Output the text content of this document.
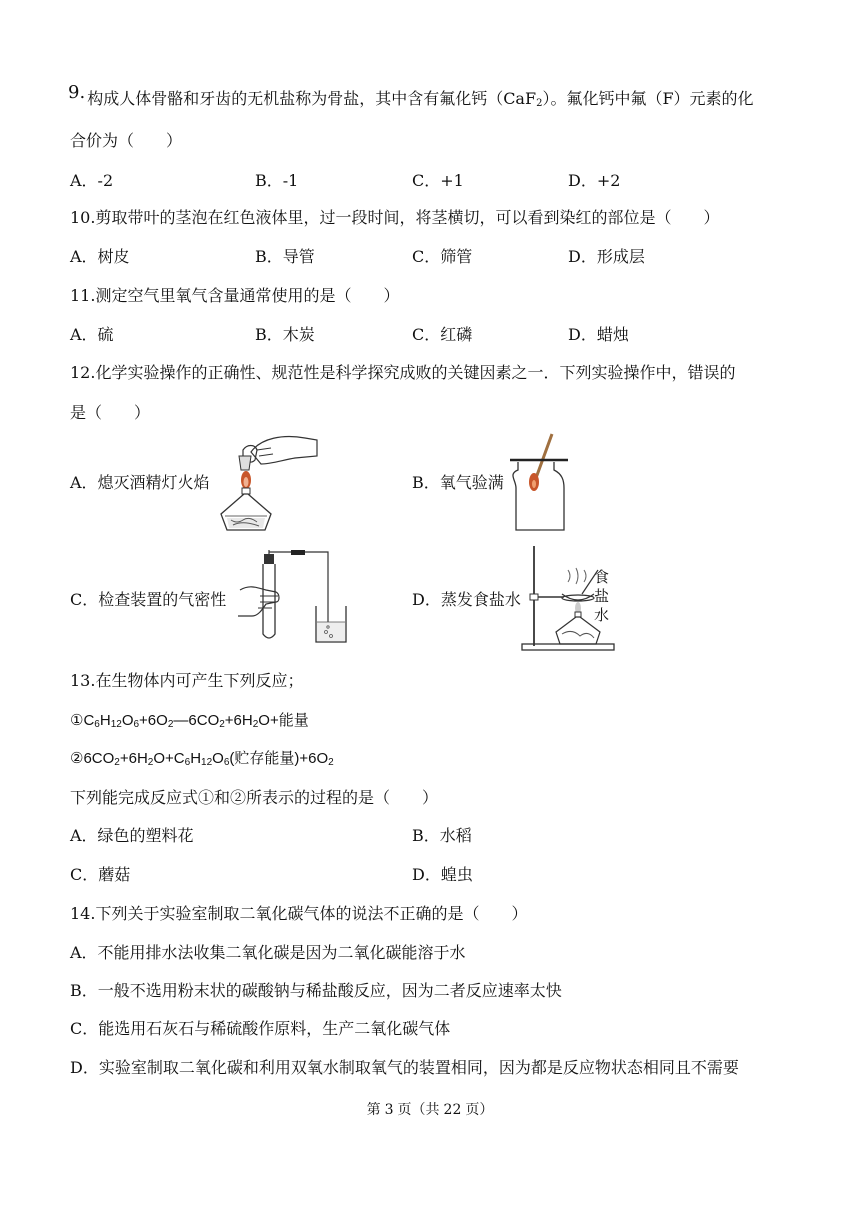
9. 构成人体骨骼和牙齿的无机盐称为骨盐，其中含有氟化钙（CaF$_2$）。氟化钙中氟（F）元素的化
合价为（　　）
A．-2	B．-1	C．+1	D．+2
10.剪取带叶的茎泡在红色液体里，过一段时间，将茎横切，可以看到染红的部位是（　　）
A．树皮	B．导管	C．筛管	D．形成层
11.测定空气里氧气含量通常使用的是（　　）
A．硫	B．木炭	C．红磷	D．蜡烛
12.化学实验操作的正确性、规范性是科学探究成败的关键因素之一．下列实验操作中，错误的
是（　　）
A．熄灭酒精灯火焰	B．氧气验满
C．检查装置的气密性	D．蒸发食盐水
食
盐
水
13.在生物体内可产生下列反应；
$①C_6H_{12}O_6+6O_2—6CO_2+6H_2O+$能量
$②6CO_2+6H_2O+C_6H_{12}O_6$(贮存能量)$+6O_2$
下列能完成反应式①和②所表示的过程的是（　　）
A．绿色的塑料花	B．水稻
C．蘑菇	D．蝗虫
14.下列关于实验室制取二氧化碳气体的说法不正确的是（　　）
A．不能用排水法收集二氧化碳是因为二氧化碳能溶于水
B．一般不选用粉末状的碳酸钠与稀盐酸反应，因为二者反应速率太快
C．能选用石灰石与稀硫酸作原料，生产二氧化碳气体
D．实验室制取二氧化碳和利用双氧水制取氧气的装置相同，因为都是反应物状态相同且不需要
第 3 页（共 22 页）
